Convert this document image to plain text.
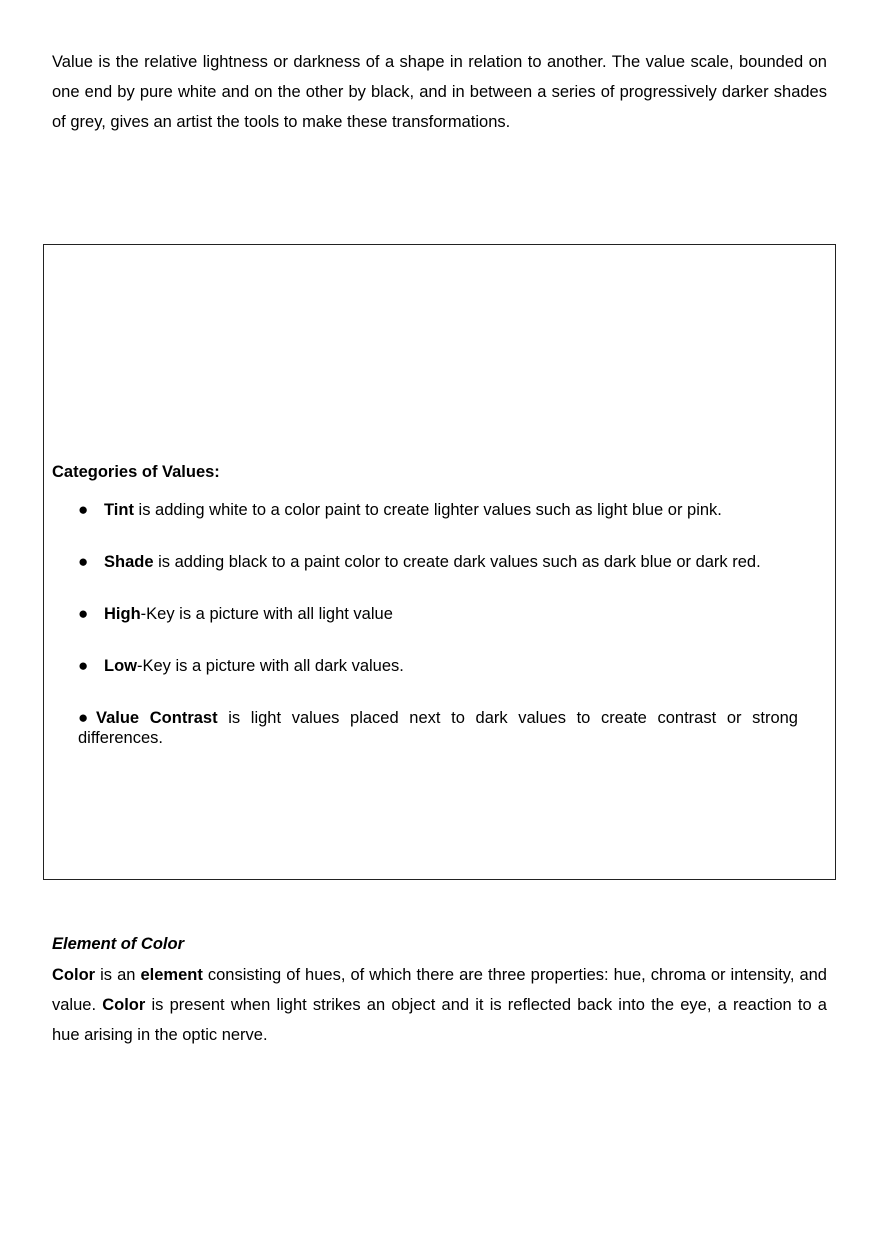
Value is the relative lightness or darkness of a shape in relation to another. The value scale, bounded on one end by pure white and on the other by black, and in between a series of progressively darker shades of grey, gives an artist the tools to make these transformations.

Categories of Values:
● Tint is adding white to a color paint to create lighter values such as light blue or pink.
● Shade is adding black to a paint color to create dark values such as dark blue or dark red.
● High-Key is a picture with all light value
● Low-Key is a picture with all dark values.
● Value Contrast is light values placed next to dark values to create contrast or strong differences.
Element of Color

Color is an element consisting of hues, of which there are three properties: hue, chroma or intensity, and value. Color is present when light strikes an object and it is reflected back into the eye, a reaction to a hue arising in the optic nerve.
